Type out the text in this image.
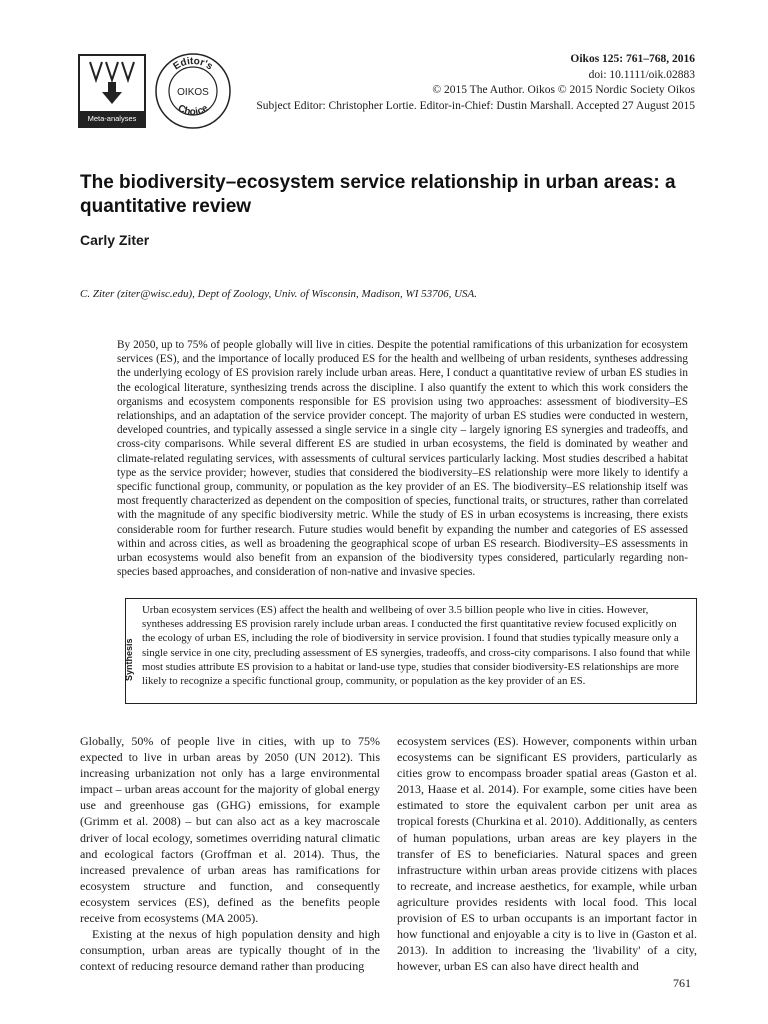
Meta-analyses
Editor's
Choice
OIKOS
Oikos 125: 761–768, 2016
doi: 10.1111/oik.02883
© 2015 The Author. Oikos © 2015 Nordic Society Oikos
Subject Editor: Christopher Lortie. Editor-in-Chief: Dustin Marshall. Accepted 27 August 2015
The biodiversity–ecosystem service relationship in urban areas: a quantitative review
Carly Ziter
C. Ziter (ziter@wisc.edu), Dept of Zoology, Univ. of Wisconsin, Madison, WI 53706, USA.
By 2050, up to 75% of people globally will live in cities. Despite the potential ramifications of this urbanization for ecosystem services (ES), and the importance of locally produced ES for the health and wellbeing of urban residents, syntheses addressing the underlying ecology of ES provision rarely include urban areas. Here, I conduct a quantitative review of urban ES studies in the ecological literature, synthesizing trends across the discipline. I also quantify the extent to which this work considers the organisms and ecosystem components responsible for ES provision using two approaches: assessment of biodiversity–ES relationships, and an adaptation of the service provider concept. The majority of urban ES studies were conducted in western, developed countries, and typically assessed a single service in a single city – largely ignoring ES synergies and tradeoffs, and cross-city comparisons. While several different ES are studied in urban ecosystems, the field is dominated by weather and climate-related regulating services, with assessments of cultural services particularly lacking. Most studies described a habitat type as the service provider; however, studies that considered the biodiversity–ES relationship were more likely to identify a specific functional group, community, or population as the key provider of an ES. The biodiversity–ES relationship itself was most frequently characterized as dependent on the composition of species, functional traits, or structures, rather than correlated with the magnitude of any specific biodiversity metric. While the study of ES in urban ecosystems is increasing, there exists considerable room for further research. Future studies would benefit by expanding the number and categories of ES assessed within and across cities, as well as broadening the geographical scope of urban ES research. Biodiversity–ES assessments in urban ecosystems would also benefit from an expansion of the biodiversity types considered, particularly regarding non-species based approaches, and consideration of non-native and invasive species.
Synthesis
Urban ecosystem services (ES) affect the health and wellbeing of over 3.5 billion people who live in cities. However, syntheses addressing ES provision rarely include urban areas. I conducted the first quantitative review focused explicitly on the ecology of urban ES, including the role of biodiversity in service provision. I found that studies typically measure only a single service in one city, precluding assessment of ES synergies, tradeoffs, and cross-city comparisons. I also found that while most studies attribute ES provision to a habitat or land-use type, studies that consider biodiversity-ES relationships are more likely to recognize a specific functional group, community, or population as the key provider of an ES.

Globally, 50% of people live in cities, with up to 75% expected to live in urban areas by 2050 (UN 2012). This increasing urbanization not only has a large environmental impact – urban areas account for the majority of global energy use and greenhouse gas (GHG) emissions, for example (Grimm et al. 2008) – but can also act as a key macroscale driver of local ecology, sometimes overriding natural climatic and ecological factors (Groffman et al. 2014). Thus, the increased prevalence of urban areas has ramifications for ecosystem structure and function, and consequently ecosystem services (ES), defined as the benefits people receive from ecosystems (MA 2005).

Existing at the nexus of high population density and high consumption, urban areas are typically thought of in the context of reducing resource demand rather than producing

ecosystem services (ES). However, components within urban ecosystems can be significant ES providers, particularly as cities grow to encompass broader spatial areas (Gaston et al. 2013, Haase et al. 2014). For example, some cities have been estimated to store the equivalent carbon per unit area as tropical forests (Churkina et al. 2010). Additionally, as centers of human populations, urban areas are key players in the transfer of ES to beneficiaries. Natural spaces and green infrastructure within urban areas provide citizens with places to recreate, and increase aesthetics, for example, while urban agriculture provides residents with local food. This local provision of ES to urban occupants is an important factor in how functional and enjoyable a city is to live in (Gaston et al. 2013). In addition to increasing the 'livability' of a city, however, urban ES can also have direct health and

761
